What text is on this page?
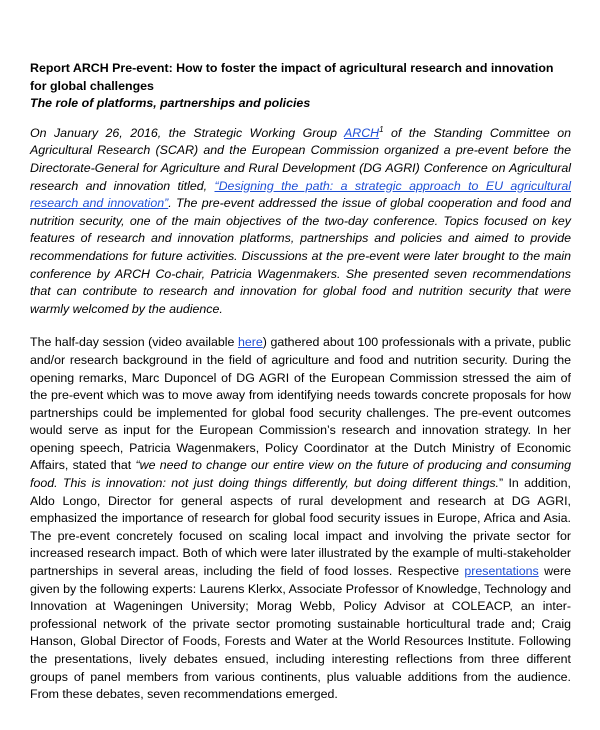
Report ARCH Pre-event: How to foster the impact of agricultural research and innovation for global challenges

The role of platforms, partnerships and policies

On January 26, 2016, the Strategic Working Group ARCH$^1$ of the Standing Committee on Agricultural Research (SCAR) and the European Commission organized a pre-event before the Directorate-General for Agriculture and Rural Development (DG AGRI) Conference on Agricultural research and innovation titled, “Designing the path: a strategic approach to EU agricultural research and innovation”. The pre-event addressed the issue of global cooperation and food and nutrition security, one of the main objectives of the two-day conference. Topics focused on key features of research and innovation platforms, partnerships and policies and aimed to provide recommendations for future activities. Discussions at the pre-event were later brought to the main conference by ARCH Co-chair, Patricia Wagenmakers. She presented seven recommendations that can contribute to research and innovation for global food and nutrition security that were warmly welcomed by the audience.

The half-day session (video available here) gathered about 100 professionals with a private, public and/or research background in the field of agriculture and food and nutrition security. During the opening remarks, Marc Duponcel of DG AGRI of the European Commission stressed the aim of the pre-event which was to move away from identifying needs towards concrete proposals for how partnerships could be implemented for global food security challenges. The pre-event outcomes would serve as input for the European Commission’s research and innovation strategy. In her opening speech, Patricia Wagenmakers, Policy Coordinator at the Dutch Ministry of Economic Affairs, stated that “we need to change our entire view on the future of producing and consuming food. This is innovation: not just doing things differently, but doing different things.” In addition, Aldo Longo, Director for general aspects of rural development and research at DG AGRI, emphasized the importance of research for global food security issues in Europe, Africa and Asia. The pre-event concretely focused on scaling local impact and involving the private sector for increased research impact. Both of which were later illustrated by the example of multi-stakeholder partnerships in several areas, including the field of food losses. Respective presentations were given by the following experts: Laurens Klerkx, Associate Professor of Knowledge, Technology and Innovation at Wageningen University; Morag Webb, Policy Advisor at COLEACP, an inter-professional network of the private sector promoting sustainable horticultural trade and; Craig Hanson, Global Director of Foods, Forests and Water at the World Resources Institute. Following the presentations, lively debates ensued, including interesting reflections from three different groups of panel members from various continents, plus valuable additions from the audience. From these debates, seven recommendations emerged.
